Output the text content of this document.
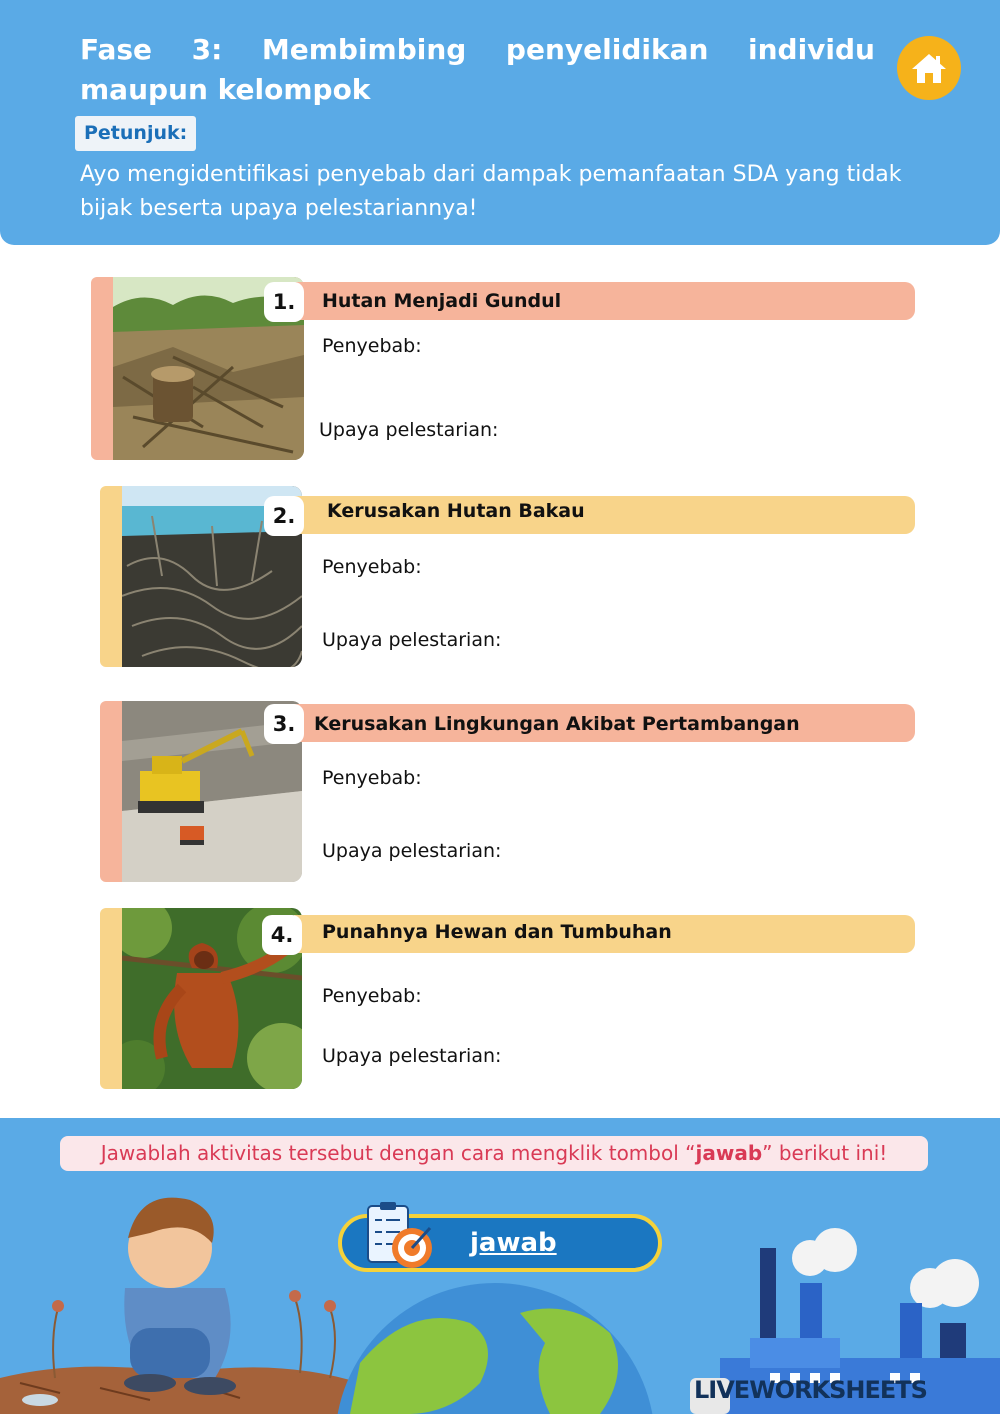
Fase 3: Membimbing penyelidikan individu maupun kelompok
Petunjuk:
Ayo mengidentifikasi penyebab dari dampak pemanfaatan SDA yang tidak bijak beserta upaya pelestariannya!
1.	Hutan Menjadi Gundul
Penyebab:
Upaya pelestarian:
2.	Kerusakan Hutan Bakau
Penyebab:
Upaya pelestarian:
3. Kerusakan Lingkungan Akibat Pertambangan
Penyebab:
Upaya pelestarian:
4.	Punahnya Hewan dan Tumbuhan
Penyebab:
Upaya pelestarian:
Jawablah aktivitas tersebut dengan cara mengklik tombol “jawab” berikut ini!
jawab
LIVEWORKSHEETS
